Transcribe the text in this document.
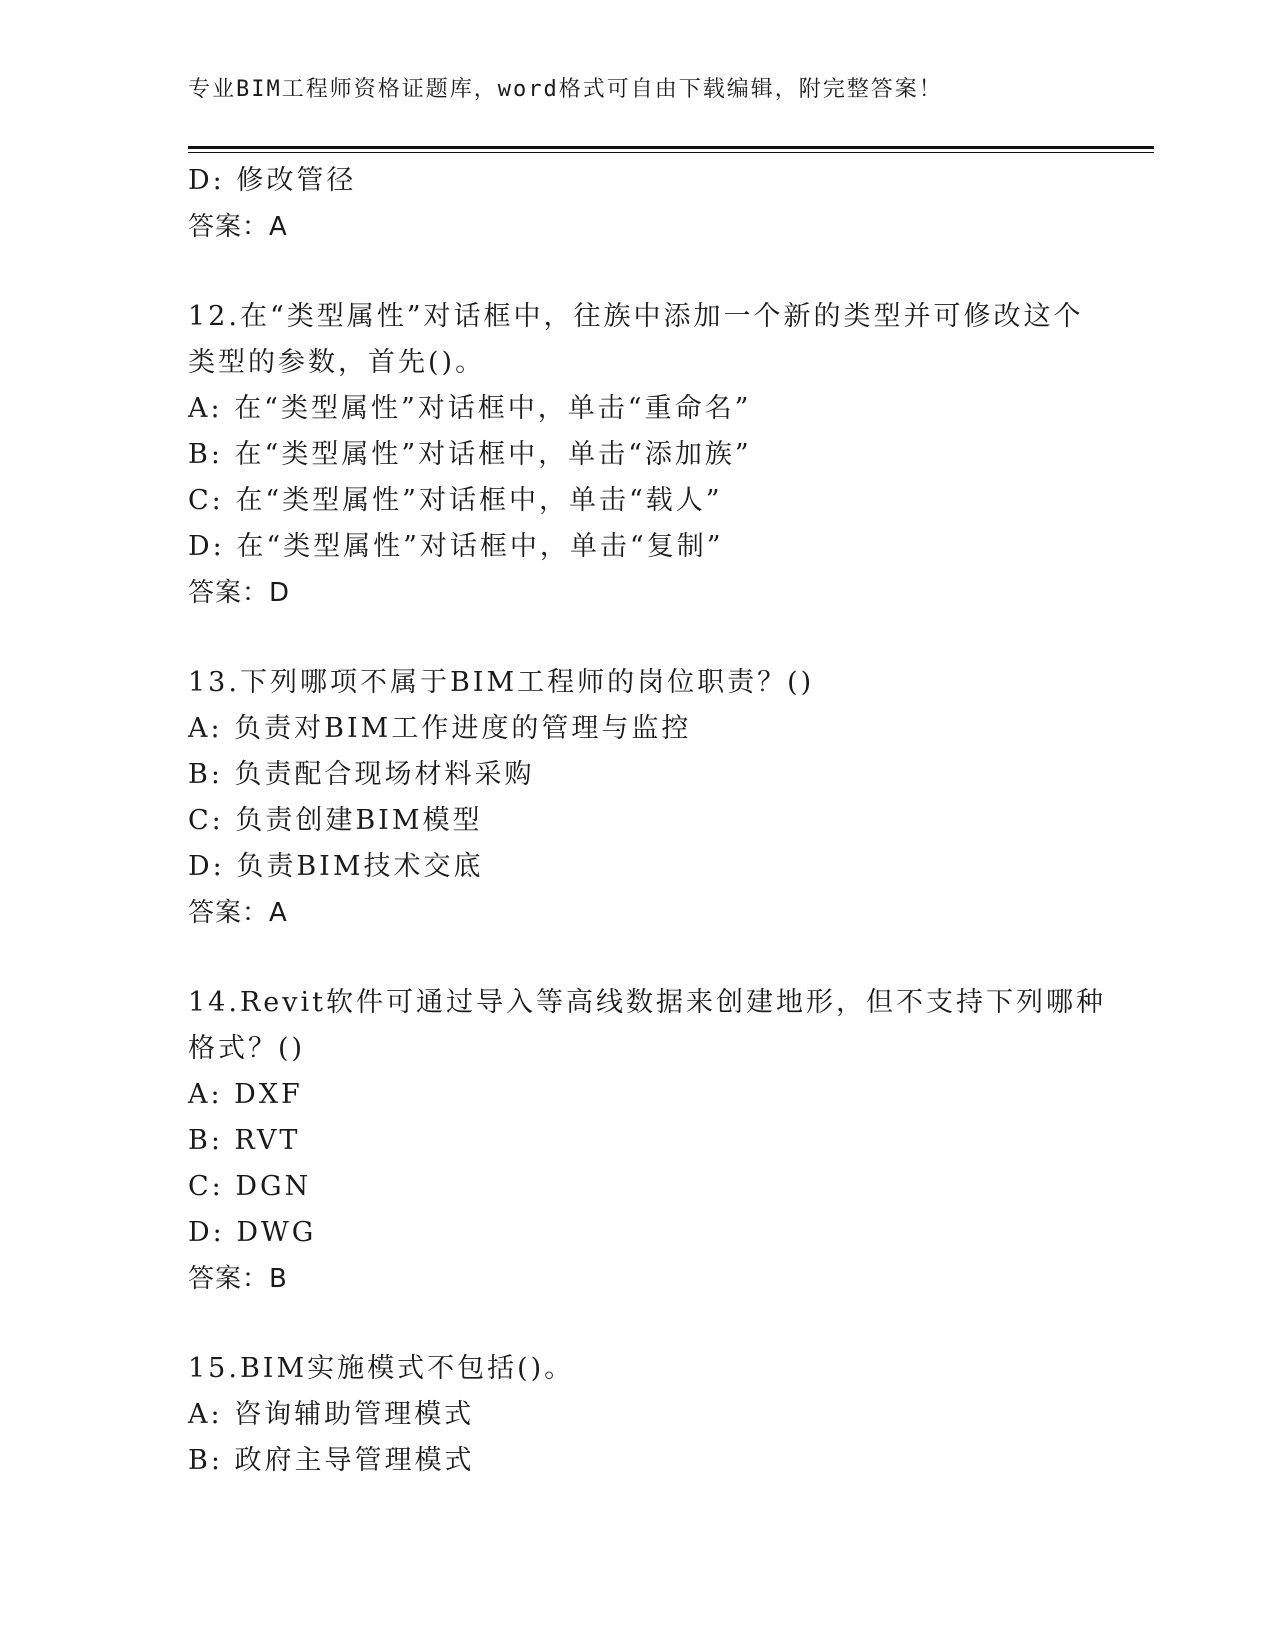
专业BIM工程师资格证题库，word格式可自由下载编辑，附完整答案！
D: 修改管径
答案：A
12.在“类型属性”对话框中，往族中添加一个新的类型并可修改这个
类型的参数，首先()。
A: 在“类型属性”对话框中，单击“重命名”
B: 在“类型属性”对话框中，单击“添加族”
C: 在“类型属性”对话框中，单击“载人”
D: 在“类型属性”对话框中，单击“复制”
答案：D
13.下列哪项不属于BIM工程师的岗位职责？()
A: 负责对BIM工作进度的管理与监控
B: 负责配合现场材料采购
C: 负责创建BIM模型
D: 负责BIM技术交底
答案：A
14.Revit软件可通过导入等高线数据来创建地形，但不支持下列哪种
格式？()
A: DXF
B: RVT
C: DGN
D: DWG
答案：B
15.BIM实施模式不包括()。
A: 咨询辅助管理模式
B: 政府主导管理模式
